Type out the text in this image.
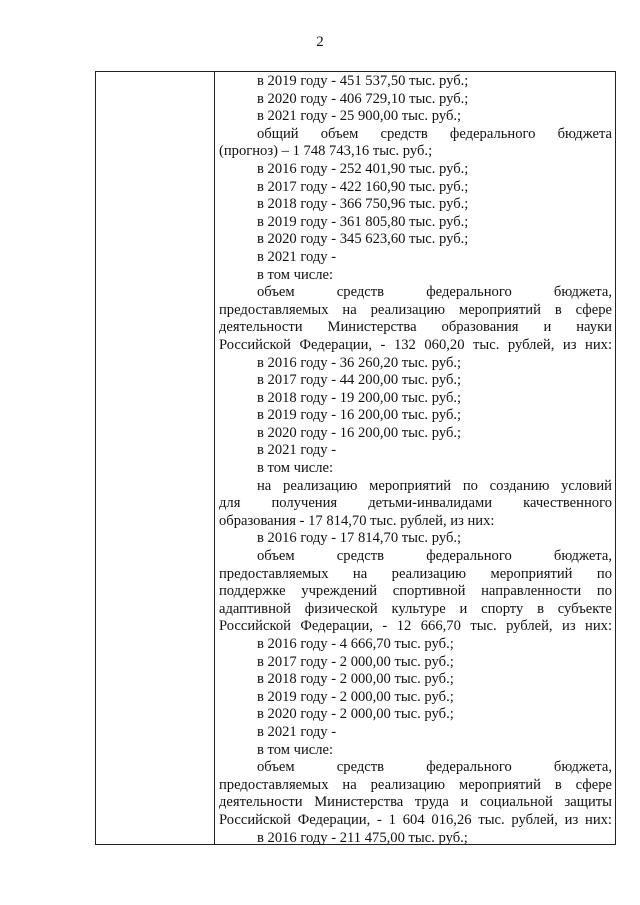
2

в 2019 году - 451 537,50 тыс. руб.;

в 2020 году - 406 729,10 тыс. руб.;

в 2021 году - 25 900,00 тыс. руб.;

общий объем средств федерального бюджета

(прогноз) – 1 748 743,16 тыс. руб.;

в 2016 году - 252 401,90 тыс. руб.;

в 2017 году - 422 160,90 тыс. руб.;

в 2018 году - 366 750,96 тыс. руб.;

в 2019 году - 361 805,80 тыс. руб.;

в 2020 году - 345 623,60 тыс. руб.;

в 2021 году -

в том числе:

объем средств федерального бюджета,

предоставляемых на реализацию мероприятий в сфере

деятельности Министерства образования и науки

Российской Федерации, - 132 060,20 тыс. рублей, из них:

в 2016 году - 36 260,20 тыс. руб.;

в 2017 году - 44 200,00 тыс. руб.;

в 2018 году - 19 200,00 тыс. руб.;

в 2019 году - 16 200,00 тыс. руб.;

в 2020 году - 16 200,00 тыс. руб.;

в 2021 году -

в том числе:

на реализацию мероприятий по созданию условий

для получения детьми-инвалидами качественного

образования - 17 814,70 тыс. рублей, из них:

в 2016 году - 17 814,70 тыс. руб.;

объем средств федерального бюджета,

предоставляемых на реализацию мероприятий по

поддержке учреждений спортивной направленности по

адаптивной физической культуре и спорту в субъекте

Российской Федерации, - 12 666,70 тыс. рублей, из них:

в 2016 году - 4 666,70 тыс. руб.;

в 2017 году - 2 000,00 тыс. руб.;

в 2018 году - 2 000,00 тыс. руб.;

в 2019 году - 2 000,00 тыс. руб.;

в 2020 году - 2 000,00 тыс. руб.;

в 2021 году -

в том числе:

объем средств федерального бюджета,

предоставляемых на реализацию мероприятий в сфере

деятельности Министерства труда и социальной защиты

Российской Федерации, - 1 604 016,26 тыс. рублей, из них:

в 2016 году - 211 475,00 тыс. руб.;
